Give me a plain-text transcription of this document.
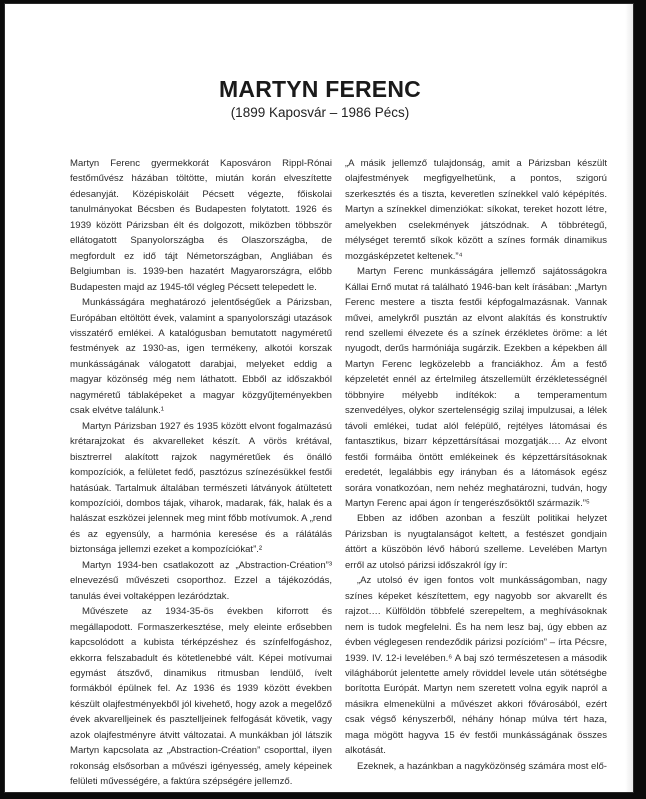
MARTYN FERENC
(1899 Kaposvár – 1986 Pécs)

Martyn Ferenc gyermekkorát Kaposváron Rippl-Rónai festőművész házában töltötte, miután korán elveszítette édesanyját. Középiskoláit Pécsett végezte, főiskolai tanulmányokat Bécsben és Budapesten folytatott. 1926 és 1939 között Párizsban élt és dolgozott, miközben többször ellátogatott Spanyolországba és Olaszországba, de megfordult ez idő tájt Németországban, Angliában és Belgiumban is. 1939-ben hazatért Magyarországra, előbb Budapesten majd az 1945-től végleg Pécsett telepedett le.

Munkásságára meghatározó jelentőségűek a Párizsban, Európában eltöltött évek, valamint a spanyolországi utazások visszatérő emlékei. A katalógusban bemutatott nagyméretű festmények az 1930-as, igen termékeny, alkotói korszak munkásságának válogatott darabjai, melyeket eddig a magyar közönség még nem láthatott. Ebből az időszakból nagyméretű táblaképeket a magyar közgyűjteményekben csak elvétve találunk.¹

Martyn Párizsban 1927 és 1935 között elvont fogalmazású krétarajzokat és akvarelleket készít. A vörös krétával, bisztrerrel alakított rajzok nagyméretűek és önálló kompozíciók, a felületet fedő, pasztózus színezésükkel festői hatásúak. Tartalmuk általában természeti látványok átültetett kompozíciói, dombos tájak, viharok, madarak, fák, halak és a halászat eszközei jelennek meg mint főbb motívumok. A „rend és az egyensúly, a harmónia keresése és a rálátálás biztonsága jellemzi ezeket a kompozíciókat”.²

Martyn 1934-ben csatlakozott az „Abstraction-Création”³ elnevezésű művészeti csoporthoz. Ezzel a tájékozódás, tanulás évei voltaképpen lezárództak.

Művészete az 1934-35-ös években kiforrott és megállapodott. Formaszerkesztése, mely eleinte erősebben kapcsolódott a kubista térképzéshez és színfelfogáshoz, ekkorra felszabadult és kötetlenebbé vált. Képei motívumai egymást átszővő, dinamikus ritmusban lendülő, ívelt formákból épülnek fel. Az 1936 és 1939 között években készült olajfestményekből jól kivehető, hogy azok a megelőző évek akvarelljeinek és pasztelljeinek felfogását követik, vagy azok olajfestményre átvitt változatai. A munkákban jól látszik Martyn kapcsolata az „Abstraction-Création” csoporttal, ilyen rokonság elsősorban a művészi igényesség, amely képeinek felületi művességére, a faktúra szépségére jellemző.

„A másik jellemző tulajdonság, amit a Párizsban készült olajfestmények megfigyelhetünk, a pontos, szigorú szerkesztés és a tiszta, keveretlen színekkel való képépítés. Martyn a színekkel dimenziókat: síkokat, tereket hozott létre, amelyekben cselekmények játszódnak. A többrétegű, mélységet teremtő síkok között a színes formák dinamikus mozgásképzetet keltenek.”⁴

Martyn Ferenc munkásságára jellemző sajátosságokra Kállai Ernő mutat rá található 1946-ban kelt írásában: „Martyn Ferenc mestere a tiszta festői képfogalmazásnak. Vannak művei, amelykről pusztán az elvont alakítás és konstruktív rend szellemi élvezete és a színek érzékletes öröme: a lét nyugodt, derűs harmóniája sugárzik. Ezekben a képekben áll Martyn Ferenc legközelebb a franciákhoz. Ám a festő képzeletét ennél az értelmileg átszellemült érzékletességnél többnyire mélyebb indítékok: a temperamentum szenvedélyes, olykor szertelenségig szilaj impulzusai, a lélek távoli emlékei, tudat alól felépülő, rejtélyes látomásai és fantasztikus, bizarr képzettársításai mozgatják…. Az elvont festői formáiba öntött emlékeinek és képzettársításoknak eredetét, legalábbis egy irányban és a látomások egész sorára vonatkozóan, nem nehéz meghatározni, tudván, hogy Martyn Ferenc apai ágon ír tengerészősöktől származik.”⁵

Ebben az időben azonban a feszült politikai helyzet Párizsban is nyugtalanságot keltett, a festészet gondjain áttört a küszöbön lévő háború szelleme. Levelében Martyn erről az utolsó párizsi időszakról így ír:

„Az utolsó év igen fontos volt munkásságomban, nagy színes képeket készítettem, egy nagyobb sor akvarellt és rajzot…. Külföldön többfelé szerepeltem, a meghívásoknak nem is tudok megfelelni. És ha nem lesz baj, úgy ebben az évben véglegesen rendeződik párizsi pozícióm” – írta Pécsre, 1939. IV. 12-i levelében.⁶ A baj szó természetesen a második világháborút jelentette amely röviddel levele után sötétségbe borította Európát. Martyn nem szeretett volna egyik napról a másikra elmenekülni a művészet akkori fővárosából, ezért csak végső kényszerből, néhány hónap múlva tért haza, maga mögött hagyva 15 év festői munkásságának összes alkotását.

Ezeknek, a hazánkban a nagyközönség számára most elő-
